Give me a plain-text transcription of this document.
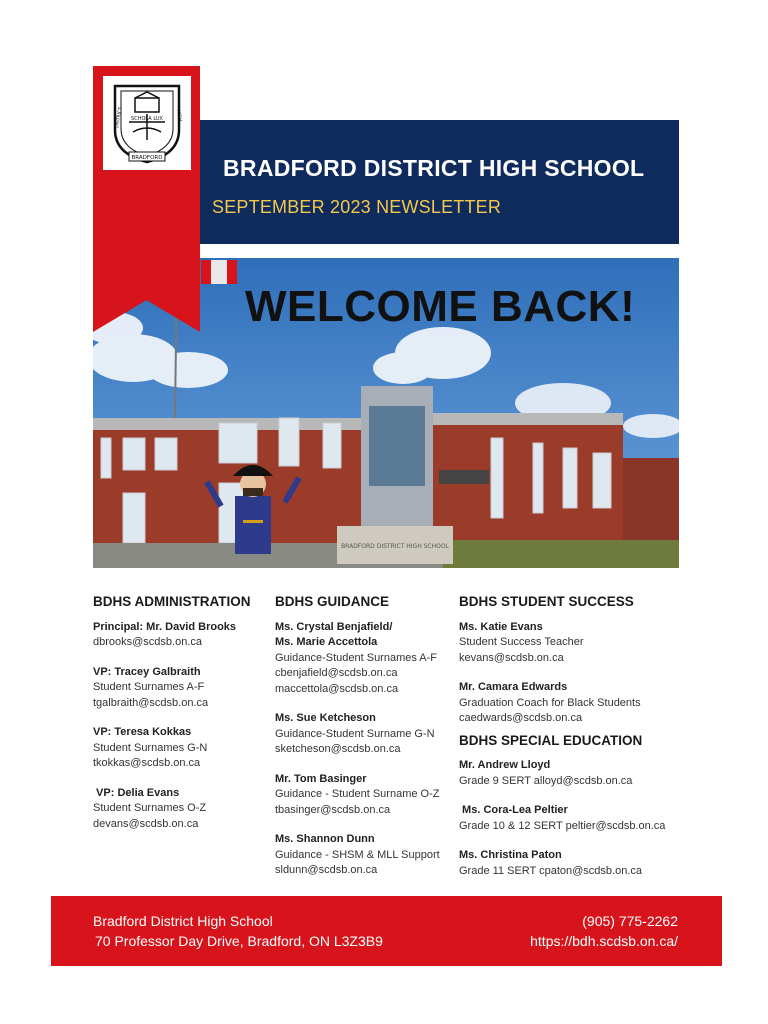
BRADFORD DISTRICT HIGH SCHOOL
SEPTEMBER 2023 NEWSLETTER
SCHOLA LUX
DISTRICT	HIGH
BRADFORD
BRADFORD DISTRICT HIGH SCHOOL
WELCOME BACK!
BDHS ADMINISTRATION
Principal: Mr. David Brooks
dbrooks@scdsb.on.ca
VP: Tracey Galbraith
Student Surnames A-F
tgalbraith@scdsb.on.ca
VP: Teresa Kokkas
Student Surnames G-N
tkokkas@scdsb.on.ca
VP: Delia Evans
Student Surnames O-Z
devans@scdsb.on.ca
BDHS GUIDANCE
Ms. Crystal Benjafield/
Ms. Marie Accettola
Guidance-Student Surnames A-F
cbenjafield@scdsb.on.ca
maccettola@scdsb.on.ca
Ms. Sue Ketcheson
Guidance-Student Surname G-N
sketcheson@scdsb.on.ca
Mr. Tom Basinger
Guidance - Student Surname O-Z
tbasinger@scdsb.on.ca
Ms. Shannon Dunn
Guidance - SHSM & MLL Support
sldunn@scdsb.on.ca
BDHS STUDENT SUCCESS
Ms. Katie Evans
Student Success Teacher
kevans@scdsb.on.ca
Mr. Camara Edwards
Graduation Coach for Black Students
caedwards@scdsb.on.ca
BDHS SPECIAL EDUCATION
Mr. Andrew Lloyd
Grade 9 SERT alloyd@scdsb.on.ca
Ms. Cora-Lea Peltier
Grade 10 & 12 SERT peltier@scdsb.on.ca
Ms. Christina Paton
Grade 11 SERT cpaton@scdsb.on.ca
Bradford District High School
70 Professor Day Drive, Bradford, ON L3Z3B9
(905) 775-2262
https://bdh.scdsb.on.ca/
